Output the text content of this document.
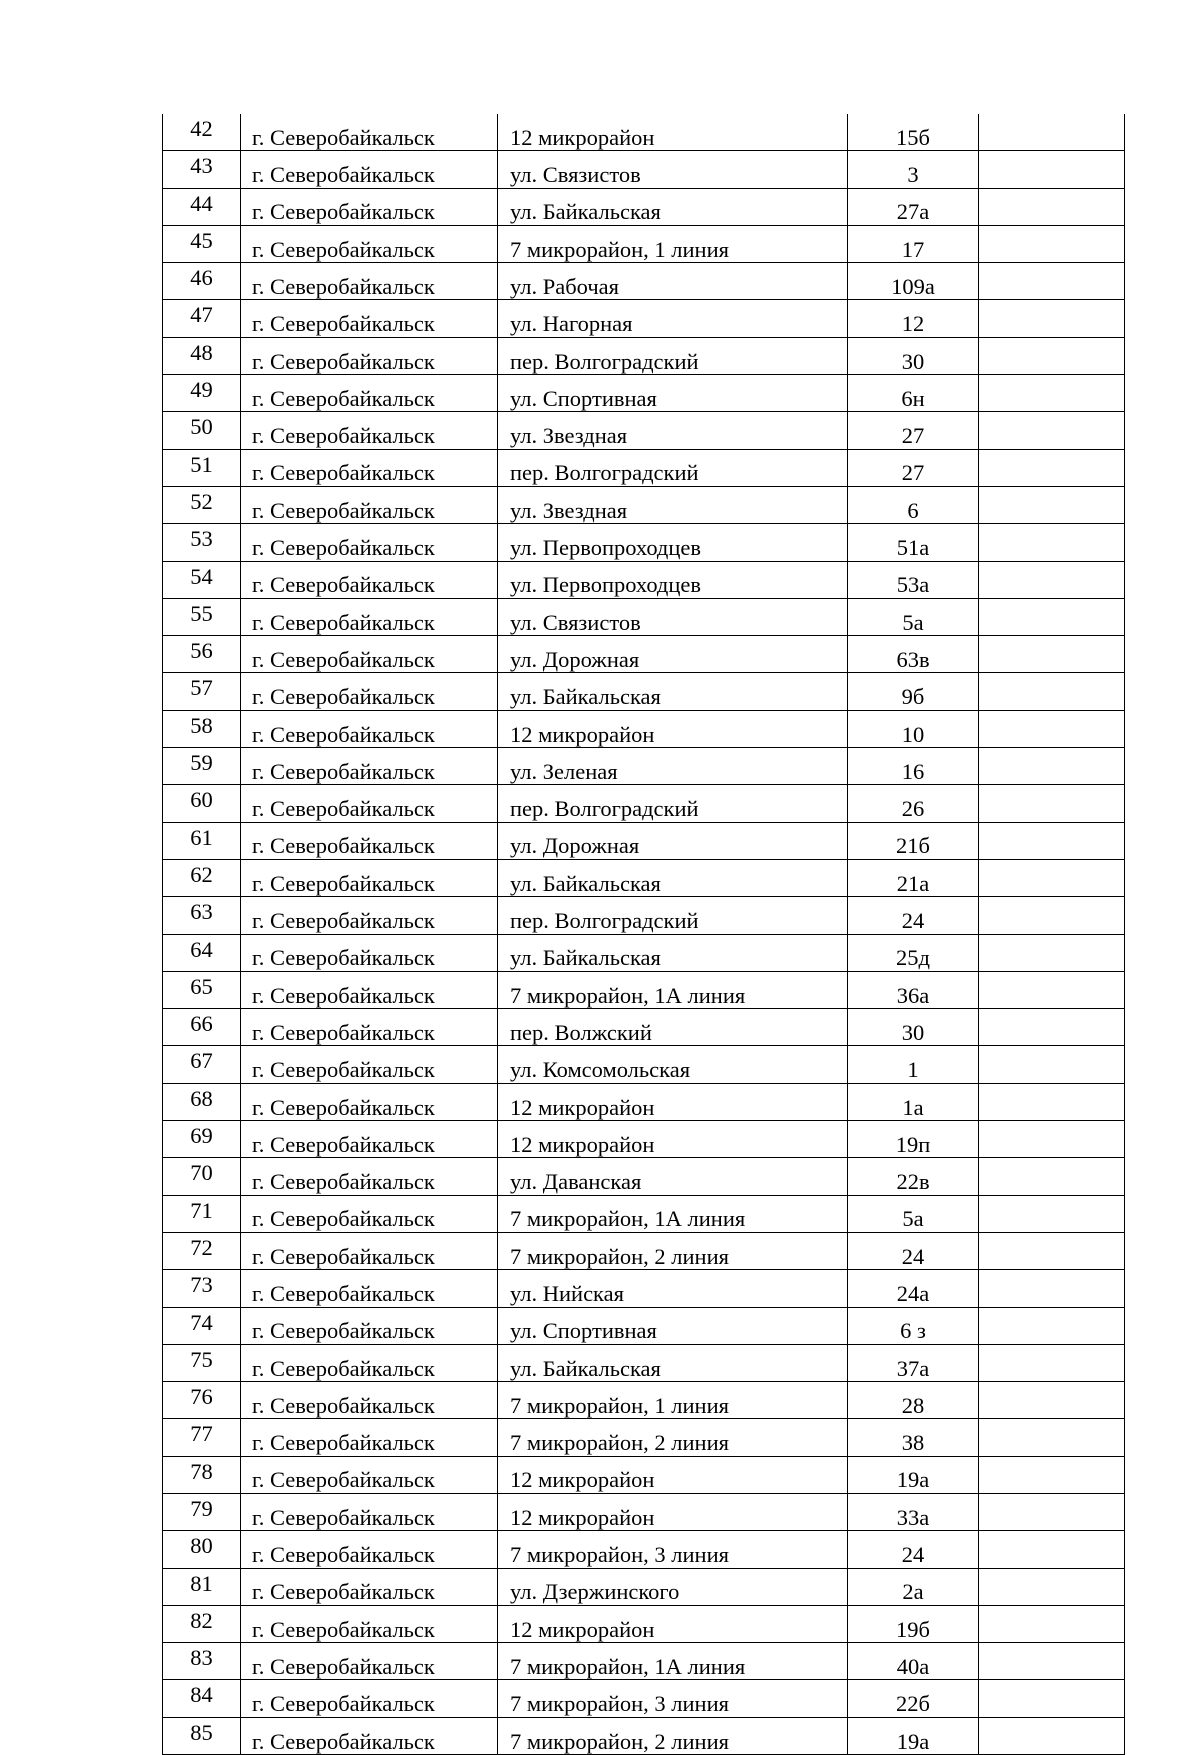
42	г. Северобайкальск	12 микрорайон	15б	
43	г. Северобайкальск	ул. Связистов	3	
44	г. Северобайкальск	ул. Байкальская	27а	
45	г. Северобайкальск	7 микрорайон, 1 линия	17	
46	г. Северобайкальск	ул. Рабочая	109а	
47	г. Северобайкальск	ул. Нагорная	12	
48	г. Северобайкальск	пер. Волгоградский	30	
49	г. Северобайкальск	ул. Спортивная	6н	
50	г. Северобайкальск	ул. Звездная	27	
51	г. Северобайкальск	пер. Волгоградский	27	
52	г. Северобайкальск	ул. Звездная	6	
53	г. Северобайкальск	ул. Первопроходцев	51а	
54	г. Северобайкальск	ул. Первопроходцев	53а	
55	г. Северобайкальск	ул. Связистов	5а	
56	г. Северобайкальск	ул. Дорожная	63в	
57	г. Северобайкальск	ул. Байкальская	9б	
58	г. Северобайкальск	12 микрорайон	10	
59	г. Северобайкальск	ул. Зеленая	16	
60	г. Северобайкальск	пер. Волгоградский	26	
61	г. Северобайкальск	ул. Дорожная	21б	
62	г. Северобайкальск	ул. Байкальская	21а	
63	г. Северобайкальск	пер. Волгоградский	24	
64	г. Северобайкальск	ул. Байкальская	25д	
65	г. Северобайкальск	7 микрорайон, 1А линия	36а	
66	г. Северобайкальск	пер. Волжский	30	
67	г. Северобайкальск	ул. Комсомольская	1	
68	г. Северобайкальск	12 микрорайон	1а	
69	г. Северобайкальск	12 микрорайон	19п	
70	г. Северобайкальск	ул. Даванская	22в	
71	г. Северобайкальск	7 микрорайон, 1А линия	5а	
72	г. Северобайкальск	7 микрорайон, 2 линия	24	
73	г. Северобайкальск	ул. Нийская	24а	
74	г. Северобайкальск	ул. Спортивная	6 з	
75	г. Северобайкальск	ул. Байкальская	37а	
76	г. Северобайкальск	7 микрорайон, 1 линия	28	
77	г. Северобайкальск	7 микрорайон, 2 линия	38	
78	г. Северобайкальск	12 микрорайон	19а	
79	г. Северобайкальск	12 микрорайон	33а	
80	г. Северобайкальск	7 микрорайон, 3 линия	24	
81	г. Северобайкальск	ул. Дзержинского	2а	
82	г. Северобайкальск	12 микрорайон	19б	
83	г. Северобайкальск	7 микрорайон, 1А линия	40а	
84	г. Северобайкальск	7 микрорайон, 3 линия	22б	
85	г. Северобайкальск	7 микрорайон, 2 линия	19а	
